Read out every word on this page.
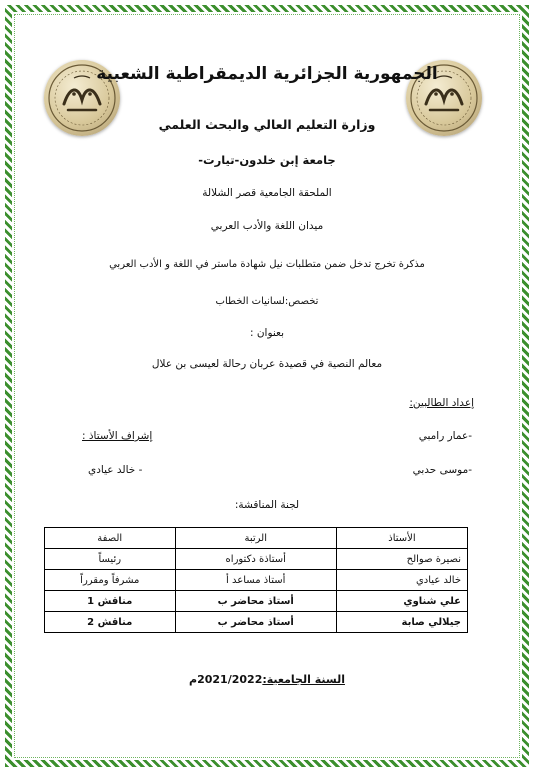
الجمهورية الجزائرية الديمقراطية الشعبية
وزارة التعليم العالي والبحث العلمي
جامعة إبن خلدون-تيارت-
الملحقة الجامعية قصر الشلالة
ميدان اللغة والأدب العربي
مذكرة تخرج تدخل ضمن متطلبات نيل شهادة ماستر في اللغة و الأدب العربي
تخصص:لسانيات الخطاب
بعنوان :
معالم النصية في قصيدة عربان رحالة لعيسى بن علال
إعداد الطالبين:
-عمار رامبي
-موسى حدبي
إشراف الأستاذ :
- خالد عيادي
لجنة المناقشة:
الأستاذ	الرتبة	الصفة
نصيرة صوالح	أستاذة دكتوراه	رئيساً
خالد عيادي	أستاذ مساعد أ	مشرفاً ومقرراً
علي شناوي	أستاذ محاضر ب	مناقش 1
جيلالي صابة	أستاذ محاضر ب	مناقش 2
السنة الجامعية:2021/2022م
